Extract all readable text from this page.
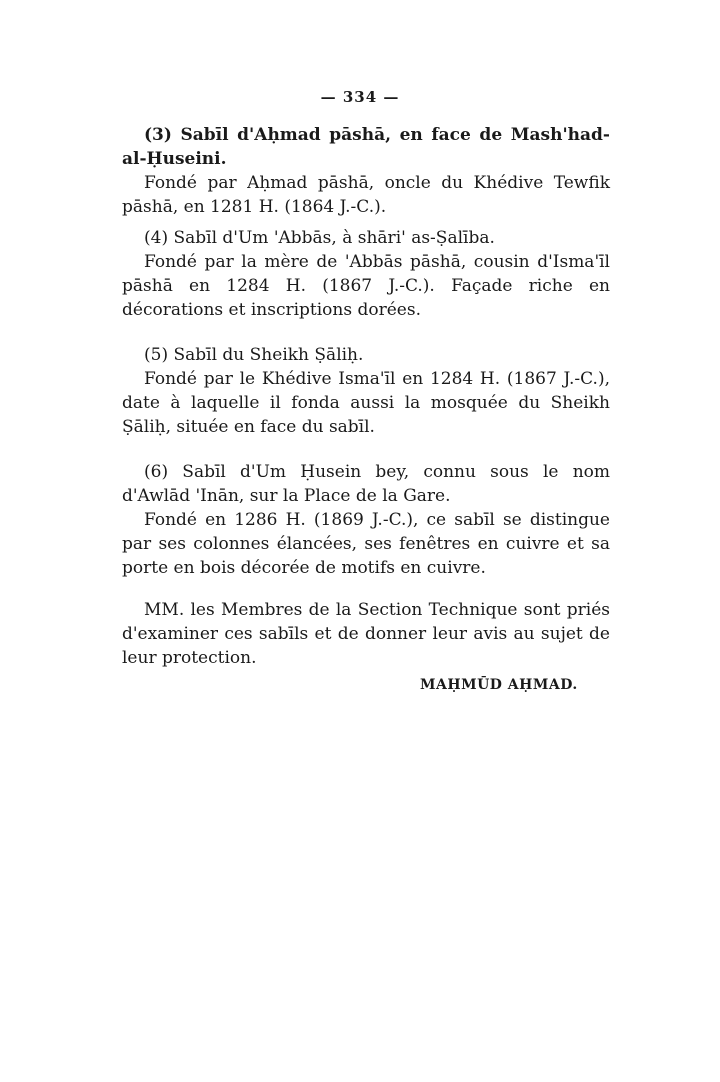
— 334 —

(3) Sabīl d'Aḥmad pāshā, en face de Mash'had-al-Ḥuseini.

Fondé par Aḥmad pāshā, oncle du Khédive Tewfik pāshā, en 1281 H. (1864 J.-C.).

(4) Sabīl d'Um 'Abbās, à shāri' as-Ṣalība.

Fondé par la mère de 'Abbās pāshā, cousin d'Isma'īl pāshā en 1284 H. (1867 J.-C.). Façade riche en décorations et inscriptions dorées.

(5) Sabīl du Sheikh Ṣāliḥ.

Fondé par le Khédive Isma'īl en 1284 H. (1867 J.-C.), date à laquelle il fonda aussi la mosquée du Sheikh Ṣāliḥ, située en face du sabīl.

(6) Sabīl d'Um Ḥusein bey, connu sous le nom d'Awlād 'Inān, sur la Place de la Gare.

Fondé en 1286 H. (1869 J.-C.), ce sabīl se distingue par ses colonnes élancées, ses fenêtres en cuivre et sa porte en bois décorée de motifs en cuivre.

MM. les Membres de la Section Technique sont priés d'examiner ces sabīls et de donner leur avis au sujet de leur protection.

MAḤMŪD AḤMAD.
